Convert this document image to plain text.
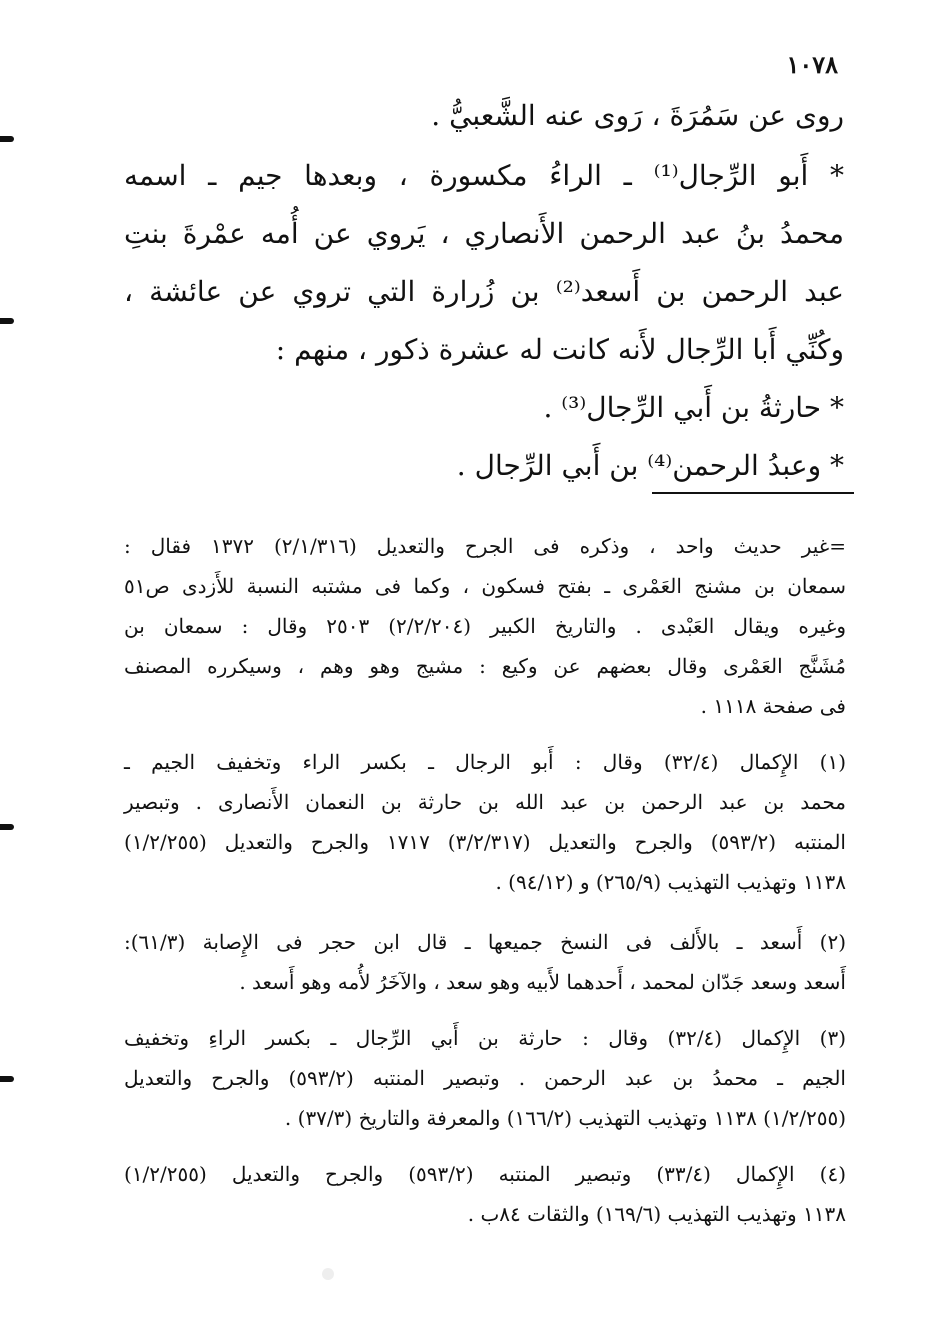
١٠٧٨
روى عن سَمُرَةَ ، رَوى عنه الشَّعبيُّ .
* أَبو الرِّجال⁽¹⁾ ـ الراءُ مكسورة ، وبعدها جيم ـ اسمه
محمدُ بنُ عبد الرحمن الأَنصاري ، يَروي عن أُمه عمْرةَ بنتِ
عبد الرحمن بن أَسعد⁽²⁾ بن زُرارة التي تروي عن عائشة ،
وكُنِّي أَبا الرِّجال لأَنه كانت له عشرة ذكور ، منهم :
* حارثةُ بن أَبي الرِّجال⁽³⁾ .
* وعبدُ الرحمن⁽⁴⁾ بن أَبي الرِّجال .
=غير حديث واحد ، وذكره فى الجرح والتعديل (٢/١/٣١٦) ١٣٧٢ فقال :
سمعان بن مشنج العَمْرى ـ بفتح فسكون ، وكما فى مشتبه النسبة للأَزدى ص٥١
وغيره ويقال العَبْدى . والتاريخ الكبير (٢/٢/٢٠٤) ٢٥٠٣ وقال : سمعان بن
مُشَنَّج العَمْرى وقال بعضهم عن وكيع : مشيج وهو وهم ، وسيكرره المصنف
فى صفحة ١١١٨ .
(١) الإِكمال (٣٢/٤) وقال : أَبو الرجال ـ بكسر الراء وتخفيف الجيم ـ
محمد بن عبد الرحمن بن عبد الله بن حارثة بن النعمان الأَنصارى . وتبصير
المنتبه (٥٩٣/٢) والجرح والتعديل (٣/٢/٣١٧) ١٧١٧ والجرح والتعديل (١/٢/٢٥٥)
١١٣٨ وتهذيب التهذيب (٢٦٥/٩) و (٩٤/١٢) .
(٢) أَسعد ـ بالأَلف فى النسخ جميعها ـ قال ابن حجر فى الإِصابة (٦١/٣):
أَسعد وسعد جَدّان لمحمد ، أَحدهما لأَبيه وهو سعد ، والآخَرُ لأُمه وهو أَسعد .
(٣) الإِكمال (٣٢/٤) وقال : حارثة بن أَبي الرِّجال ـ بكسر الراءِ وتخفيف
الجيم ـ محمدُ بن عبد الرحمن . وتبصير المنتبه (٥٩٣/٢) والجرح والتعديل
(١/٢/٢٥٥) ١١٣٨ وتهذيب التهذيب (١٦٦/٢) والمعرفة والتاريخ (٣٧/٣) .
(٤) الإِكمال (٣٣/٤) وتبصير المنتبه (٥٩٣/٢) والجرح والتعديل (١/٢/٢٥٥)
١١٣٨ وتهذيب التهذيب (١٦٩/٦) والثقات ٨٤ب .
